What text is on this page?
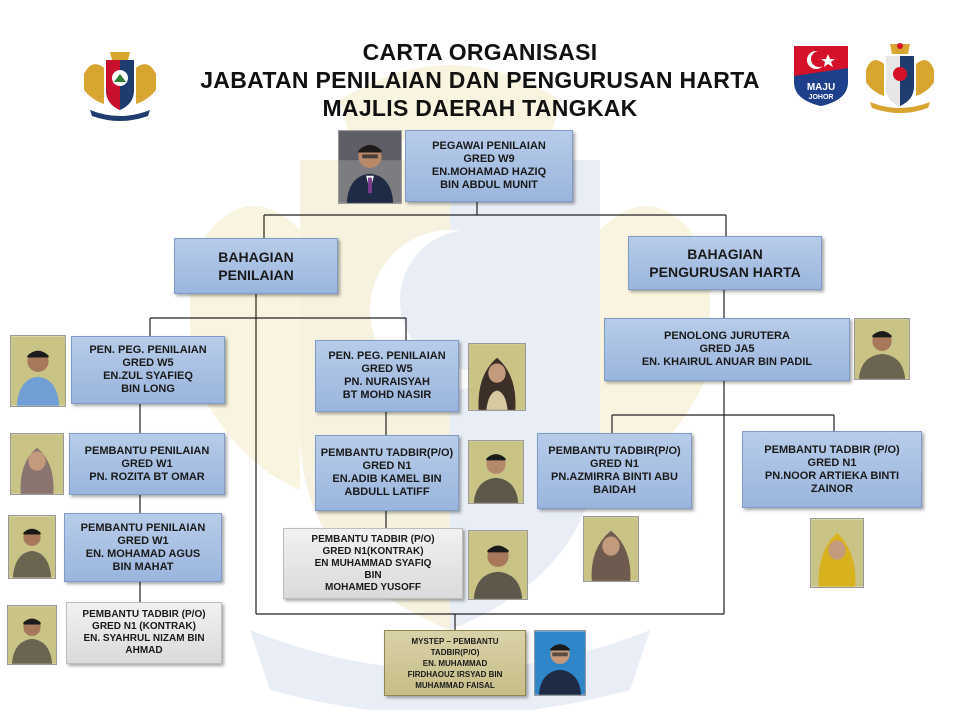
CARTA ORGANISASI
JABATAN PENILAIAN DAN PENGURUSAN HARTA
MAJLIS DAERAH TANGKAK
MAJU
JOHOR
PEGAWAI PENILAIAN
GRED W9
EN.MOHAMAD HAZIQ
BIN ABDUL MUNIT
BAHAGIAN
PENILAIAN
BAHAGIAN
PENGURUSAN HARTA
PEN. PEG. PENILAIAN
GRED W5
EN.ZUL SYAFIEQ
BIN LONG
PEMBANTU PENILAIAN
GRED W1
PN. ROZITA BT OMAR
PEMBANTU PENILAIAN
GRED W1
EN. MOHAMAD AGUS
BIN MAHAT
PEMBANTU TADBIR (P/O)
GRED N1 (KONTRAK)
EN. SYAHRUL NIZAM BIN
AHMAD
PEN. PEG. PENILAIAN
GRED W5
PN. NURAISYAH
BT MOHD NASIR
PEMBANTU TADBIR(P/O)
GRED N1
EN.ADIB KAMEL BIN
ABDULL LATIFF
PEMBANTU TADBIR (P/O)
GRED N1(KONTRAK)
EN MUHAMMAD SYAFIQ
BIN
MOHAMED YUSOFF
MYSTEP – PEMBANTU
TADBIR(P/O)
EN. MUHAMMAD
FIRDHAOUZ IRSYAD BIN
MUHAMMAD FAISAL
PENOLONG JURUTERA
GRED JA5
EN. KHAIRUL ANUAR BIN PADIL
PEMBANTU TADBIR(P/O)
GRED N1
PN.AZMIRRA BINTI ABU
BAIDAH
PEMBANTU TADBIR (P/O)
GRED N1
PN.NOOR ARTIEKA BINTI
ZAINOR
